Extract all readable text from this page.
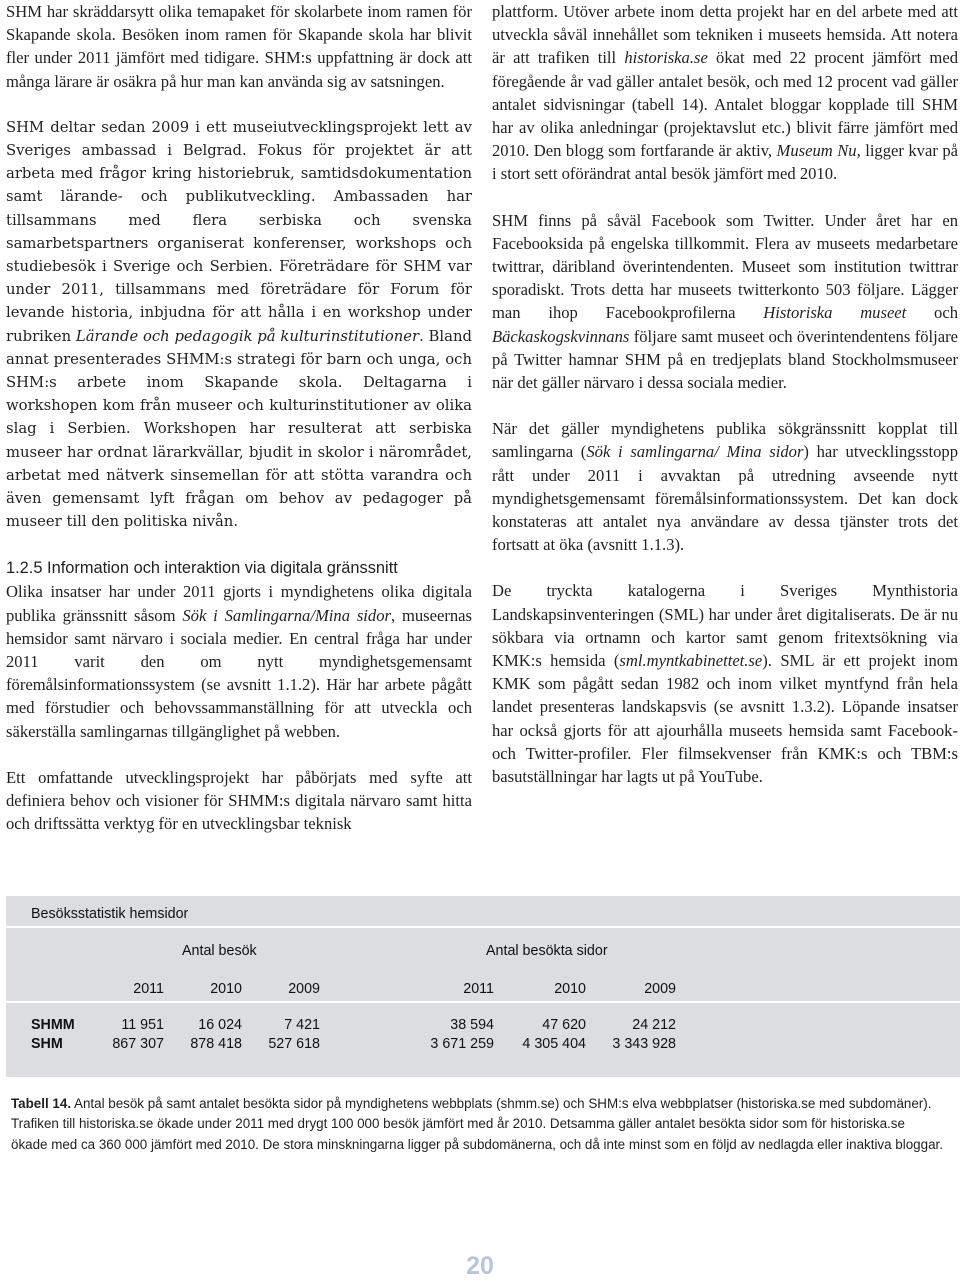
SHM har skräddarsytt olika temapaket för skolarbete inom ramen för Skapande skola. Besöken inom ramen för Skapande skola har blivit fler under 2011 jämfört med tidigare. SHM:s uppfattning är dock att många lärare är osäkra på hur man kan använda sig av satsningen.

SHM deltar sedan 2009 i ett museiutvecklingsprojekt lett av Sveriges ambassad i Belgrad. Fokus för projektet är att arbeta med frågor kring historiebruk, samtidsdokumentation samt lärande- och publikutveckling. Ambassaden har tillsammans med flera serbiska och svenska samarbetspartners organiserat konferenser, workshops och studiebesök i Sverige och Serbien. Företrädare för SHM var under 2011, tillsammans med företrädare för Forum för levande historia, inbjudna för att hålla i en workshop under rubriken Lärande och pedagogik på kulturinstitutioner. Bland annat presenterades SHMM:s strategi för barn och unga, och SHM:s arbete inom Skapande skola. Deltagarna i workshopen kom från museer och kulturinstitutioner av olika slag i Serbien. Workshopen har resulterat att serbiska museer har ordnat lärarkvällar, bjudit in skolor i närområdet, arbetat med nätverk sinsemellan för att stötta varandra och även gemensamt lyft frågan om behov av pedagoger på museer till den politiska nivån.

1.2.5 Information och interaktion via digitala gränssnitt

Olika insatser har under 2011 gjorts i myndighetens olika digitala publika gränssnitt såsom Sök i Samlingarna/Mina sidor, museernas hemsidor samt närvaro i sociala medier. En central fråga har under 2011 varit den om nytt myndighetsgemensamt föremålsinformationssystem (se avsnitt 1.1.2). Här har arbete pågått med förstudier och behovssammanställning för att utveckla och säkerställa samlingarnas tillgänglighet på webben.

Ett omfattande utvecklingsprojekt har påbörjats med syfte att definiera behov och visioner för SHMM:s digitala närvaro samt hitta och driftssätta verktyg för en utvecklingsbar teknisk

plattform. Utöver arbete inom detta projekt har en del arbete med att utveckla såväl innehållet som tekniken i museets hemsida. Att notera är att trafiken till historiska.se ökat med 22 procent jämfört med föregående år vad gäller antalet besök, och med 12 procent vad gäller antalet sidvisningar (tabell 14). Antalet bloggar kopplade till SHM har av olika anledningar (projektavslut etc.) blivit färre jämfört med 2010. Den blogg som fortfarande är aktiv, Museum Nu, ligger kvar på i stort sett oförändrat antal besök jämfört med 2010.

SHM finns på såväl Facebook som Twitter. Under året har en Facebooksida på engelska tillkommit. Flera av museets medarbetare twittrar, däribland överintendenten. Museet som institution twittrar sporadiskt. Trots detta har museets twitterkonto 503 följare. Lägger man ihop Facebookprofilerna Historiska museet och Bäckaskogskvinnans följare samt museet och överintendentens följare på Twitter hamnar SHM på en tredjeplats bland Stockholmsmuseer när det gäller närvaro i dessa sociala medier.

När det gäller myndighetens publika sökgränssnitt kopplat till samlingarna (Sök i samlingarna/ Mina sidor) har utvecklingsstopp rått under 2011 i avvaktan på utredning avseende nytt myndighetsgemensamt föremålsinformationssystem. Det kan dock konstateras att antalet nya användare av dessa tjänster trots det fortsatt at öka (avsnitt 1.1.3).

De tryckta katalogerna i Sveriges Mynthistoria Landskapsinventeringen (SML) har under året digitaliserats. De är nu sökbara via ortnamn och kartor samt genom fritextsökning via KMK:s hemsida (sml.myntkabinettet.se). SML är ett projekt inom KMK som pågått sedan 1982 och inom vilket myntfynd från hela landet presenteras landskapsvis (se avsnitt 1.3.2). Löpande insatser har också gjorts för att ajourhålla museets hemsida samt Facebook- och Twitter-profiler. Fler filmsekvenser från KMK:s och TBM:s basutställningar har lagts ut på YouTube.

Besöksstatistik hemsidor
Antal besök	Antal besökta sidor
2011	2010	2009	2011	2010	2009
SHMM	11 951	16 024	7 421	38 594	47 620	24 212
SHM	867 307	878 418	527 618	3 671 259	4 305 404	3 343 928

Tabell 14. Antal besök på samt antalet besökta sidor på myndighetens webbplats (shmm.se) och SHM:s elva webbplatser (historiska.se med subdomäner). Trafiken till historiska.se ökade under 2011 med drygt 100 000 besök jämfört med år 2010. Detsamma gäller antalet besökta sidor som för historiska.se ökade med ca 360 000 jämfört med 2010. De stora minskningarna ligger på subdomänerna, och då inte minst som en följd av nedlagda eller inaktiva bloggar.

20
